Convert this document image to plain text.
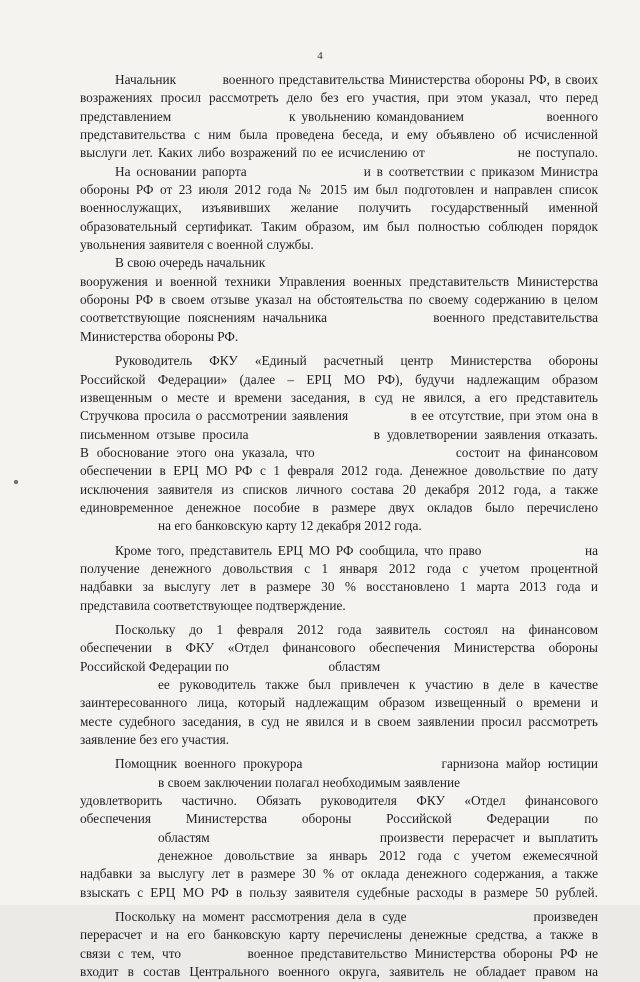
4
Начальник          военного представительства Министерства обороны РФ, в своих
возражениях просил рассмотреть дело без его участия, при этом указал, что перед
представлением                    к увольнению командованием              военного
представительства с ним была проведена беседа, и ему объявлено об исчисленной
выслуги лет. Каких либо возражений по ее исчислению от                  не поступало.
На основании рапорта                    и в соответствии с приказом Министра
обороны РФ от 23 июля 2012 года № 2015 им был подготовлен и направлен список
военнослужащих, изъявивших желание получить государственный именной
образовательный сертификат. Таким образом, им был полностью соблюден порядок
увольнения заявителя с военной службы.
В свою очередь начальник
вооружения и военной техники Управления военных представительств Министерства
обороны РФ в своем отзыве указал на обстоятельства по своему содержанию в целом
соответствующие пояснениям начальника              военного представительства
Министерства обороны РФ.
Руководитель ФКУ «Единый расчетный центр Министерства обороны
Российской Федерации» (далее – ЕРЦ МО РФ), будучи надлежащим образом
извещенным о месте и времени заседания, в суд не явился, а его представитель
Стручкова просила о рассмотрении заявления            в ее отсутствие, при этом она в
письменном отзыве просила                  в удовлетворении заявления отказать.
В обоснование этого она указала, что                  состоит на финансовом
обеспечении в ЕРЦ МО РФ с 1 февраля 2012 года. Денежное довольствие по дату
исключения заявителя из списков личного состава 20 декабря 2012 года, а также
единовременное денежное пособие в размере двух окладов было перечислено
на его банковскую карту 12 декабря 2012 года.
Кроме того, представитель ЕРЦ МО РФ сообщила, что право                  на
получение денежного довольствия с 1 января 2012 года с учетом процентной
надбавки за выслугу лет в размере 30 % восстановлено 1 марта 2013 года и
представила соответствующее подтверждение.
Поскольку до 1 февраля 2012 года заявитель состоял на финансовом
обеспечении в ФКУ «Отдел финансового обеспечения Министерства обороны
Российской Федерации по                              областям
ее руководитель также был привлечен к участию в деле в качестве
заинтересованного лица, который надлежащим образом извещенный о времени и
месте судебного заседания, в суд не явился и в своем заявлении просил рассмотреть
заявление без его участия.
Помощник военного прокурора                   гарнизона майор юстиции
в своем заключении полагал необходимым заявление
удовлетворить частично. Обязать руководителя ФКУ «Отдел финансового
обеспечения Министерства обороны Российской Федерации по
областям                    произвести перерасчет и выплатить
денежное довольствие за январь 2012 года с учетом ежемесячной
надбавки за выслугу лет в размере 30 % от оклада денежного содержания, а также
взыскать с ЕРЦ МО РФ в пользу заявителя судебные расходы в размере 50 рублей.
Поскольку на момент рассмотрения дела в суде                  произведен
перерасчет и на его банковскую карту перечислены денежные средства, а также в
связи с тем, что         военное представительство Министерства обороны РФ не
входит в состав Центрального военного округа, заявитель не обладает правом на
